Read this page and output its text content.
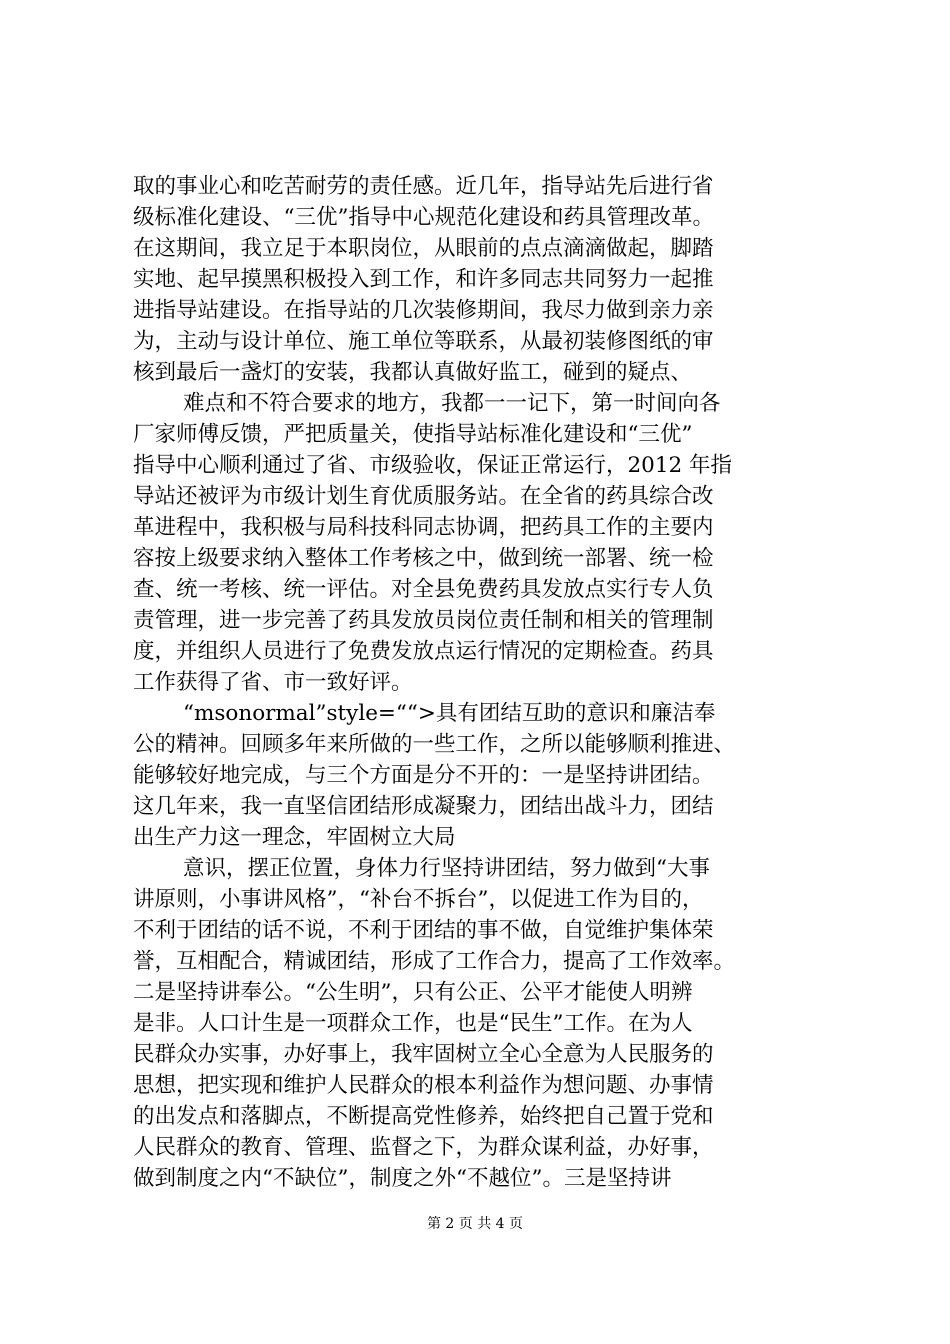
取的事业心和吃苦耐劳的责任感。近几年，指导站先后进行省
级标准化建设、“三优”指导中心规范化建设和药具管理改革。
在这期间，我立足于本职岗位，从眼前的点点滴滴做起，脚踏
实地、起早摸黑积极投入到工作，和许多同志共同努力一起推
进指导站建设。在指导站的几次装修期间，我尽力做到亲力亲
为，主动与设计单位、施工单位等联系，从最初装修图纸的审
核到最后一盏灯的安装，我都认真做好监工，碰到的疑点、
难点和不符合要求的地方，我都一一记下，第一时间向各
厂家师傅反馈，严把质量关，使指导站标准化建设和“三优”
指导中心顺利通过了省、市级验收，保证正常运行，2012 年指
导站还被评为市级计划生育优质服务站。在全省的药具综合改
革进程中，我积极与局科技科同志协调，把药具工作的主要内
容按上级要求纳入整体工作考核之中，做到统一部署、统一检
查、统一考核、统一评估。对全县免费药具发放点实行专人负
责管理，进一步完善了药具发放员岗位责任制和相关的管理制
度，并组织人员进行了免费发放点运行情况的定期检查。药具
工作获得了省、市一致好评。
“msonormal”style=““>具有团结互助的意识和廉洁奉
公的精神。回顾多年来所做的一些工作，之所以能够顺利推进、
能够较好地完成，与三个方面是分不开的：一是坚持讲团结。
这几年来，我一直坚信团结形成凝聚力，团结出战斗力，团结
出生产力这一理念，牢固树立大局
意识，摆正位置，身体力行坚持讲团结，努力做到“大事
讲原则，小事讲风格”，“补台不拆台”，以促进工作为目的，
不利于团结的话不说，不利于团结的事不做，自觉维护集体荣
誉，互相配合，精诚团结，形成了工作合力，提高了工作效率。
二是坚持讲奉公。“公生明”，只有公正、公平才能使人明辨
是非。人口计生是一项群众工作，也是“民生”工作。在为人
民群众办实事，办好事上，我牢固树立全心全意为人民服务的
思想，把实现和维护人民群众的根本利益作为想问题、办事情
的出发点和落脚点，不断提高党性修养，始终把自己置于党和
人民群众的教育、管理、监督之下，为群众谋利益，办好事，
做到制度之内“不缺位”，制度之外“不越位”。三是坚持讲
第 2 页 共 4 页
